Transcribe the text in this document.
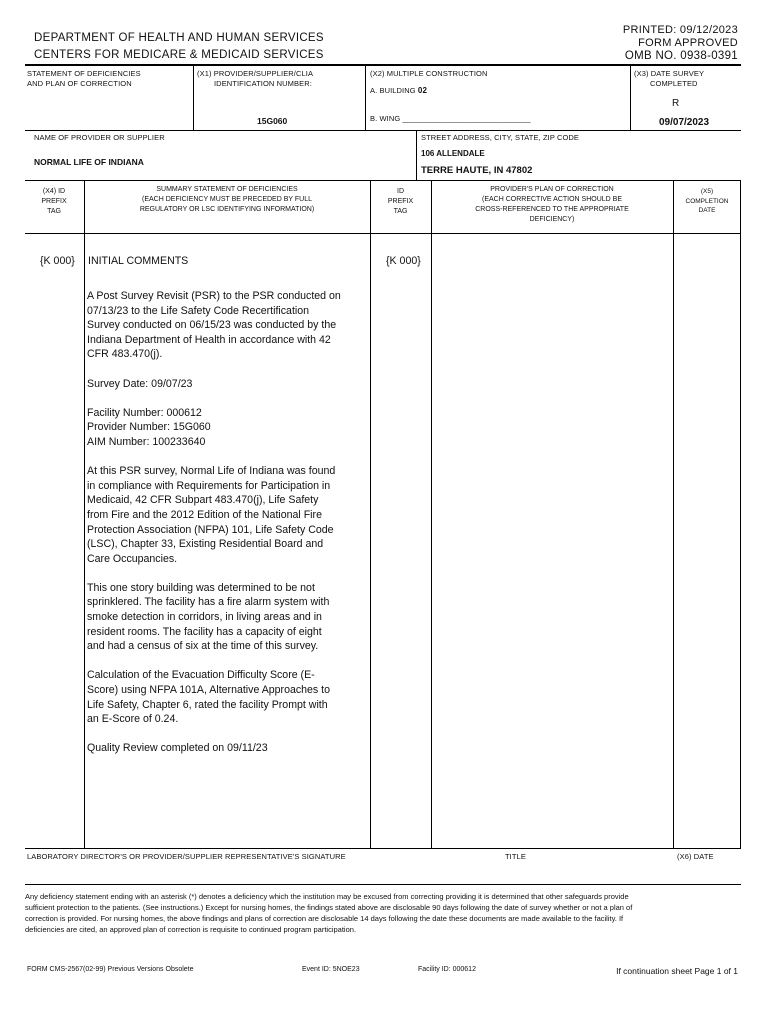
DEPARTMENT OF HEALTH AND HUMAN SERVICES
CENTERS FOR MEDICARE & MEDICAID SERVICES
PRINTED: 09/12/2023
FORM APPROVED
OMB NO. 0938-0391
STATEMENT OF DEFICIENCIES
AND PLAN OF CORRECTION
(X1) PROVIDER/SUPPLIER/CLIA
IDENTIFICATION NUMBER:
15G060
(X2) MULTIPLE CONSTRUCTION
A. BUILDING 02
B. WING ______________________________
(X3) DATE SURVEY
COMPLETED
R
09/07/2023
NAME OF PROVIDER OR SUPPLIER
NORMAL LIFE OF INDIANA
STREET ADDRESS, CITY, STATE, ZIP CODE
106 ALLENDALE
TERRE HAUTE, IN 47802
(X4) ID
PREFIX
TAG
SUMMARY STATEMENT OF DEFICIENCIES
(EACH DEFICIENCY MUST BE PRECEDED BY FULL
REGULATORY OR LSC IDENTIFYING INFORMATION)
ID
PREFIX
TAG
PROVIDER'S PLAN OF CORRECTION
(EACH CORRECTIVE ACTION SHOULD BE
CROSS-REFERENCED TO THE APPROPRIATE
DEFICIENCY)
(X5)
COMPLETION
DATE
{K 000} INITIAL COMMENTS	{K 000}

A Post Survey Revisit (PSR) to the PSR conducted on 07/13/23 to the Life Safety Code Recertification Survey conducted on 06/15/23 was conducted by the Indiana Department of Health in accordance with 42 CFR 483.470(j).

Survey Date: 09/07/23

Facility Number: 000612
Provider Number: 15G060

AIM Number: 100233640

At this PSR survey, Normal Life of Indiana was found in compliance with Requirements for Participation in Medicaid, 42 CFR Subpart 483.470(j), Life Safety from Fire and the 2012 Edition of the National Fire Protection Association (NFPA) 101, Life Safety Code (LSC), Chapter 33, Existing Residential Board and Care Occupancies.

This one story building was determined to be not sprinklered. The facility has a fire alarm system with smoke detection in corridors, in living areas and in resident rooms. The facility has a capacity of eight and had a census of six at the time of this survey.

Calculation of the Evacuation Difficulty Score (E-Score) using NFPA 101A, Alternative Approaches to Life Safety, Chapter 6, rated the facility Prompt with an E-Score of 0.24.

Quality Review completed on 09/11/23

LABORATORY DIRECTOR'S OR PROVIDER/SUPPLIER REPRESENTATIVE'S SIGNATURE	TITLE	(X6) DATE
Any deficiency statement ending with an asterisk (*) denotes a deficiency which the institution may be excused from correcting providing it is determined that other safeguards provide sufficient protection to the patients. (See instructions.) Except for nursing homes, the findings stated above are disclosable 90 days following the date of survey whether or not a plan of correction is provided. For nursing homes, the above findings and plans of correction are disclosable 14 days following the date these documents are made available to the facility. If deficiencies are cited, an approved plan of correction is requisite to continued program participation.
FORM CMS-2567(02-99) Previous Versions Obsolete	Event ID: 5NOE23	Facility ID: 000612	If continuation sheet Page 1 of 1
